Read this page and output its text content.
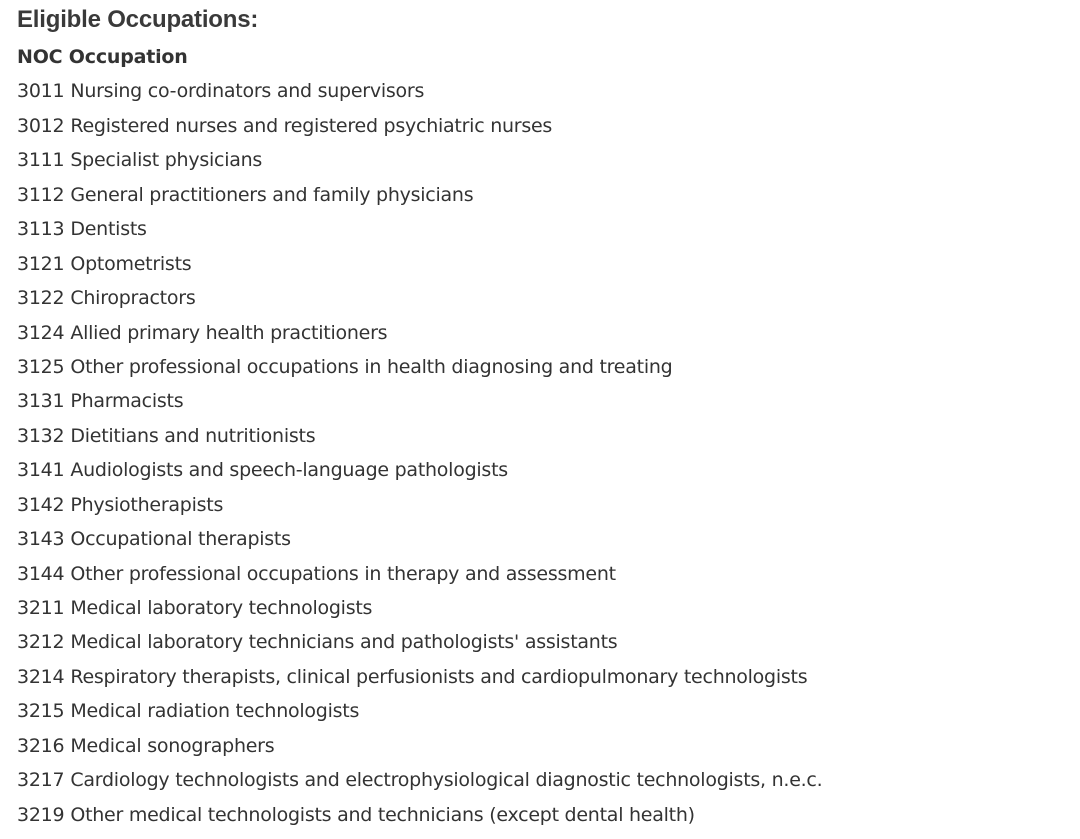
Eligible Occupations:
NOC Occupation
3011 Nursing co-ordinators and supervisors
3012 Registered nurses and registered psychiatric nurses
3111 Specialist physicians
3112 General practitioners and family physicians
3113 Dentists
3121 Optometrists
3122 Chiropractors
3124 Allied primary health practitioners
3125 Other professional occupations in health diagnosing and treating
3131 Pharmacists
3132 Dietitians and nutritionists
3141 Audiologists and speech-language pathologists
3142 Physiotherapists
3143 Occupational therapists
3144 Other professional occupations in therapy and assessment
3211 Medical laboratory technologists
3212 Medical laboratory technicians and pathologists' assistants
3214 Respiratory therapists, clinical perfusionists and cardiopulmonary technologists
3215 Medical radiation technologists
3216 Medical sonographers
3217 Cardiology technologists and electrophysiological diagnostic technologists, n.e.c.
3219 Other medical technologists and technicians (except dental health)
